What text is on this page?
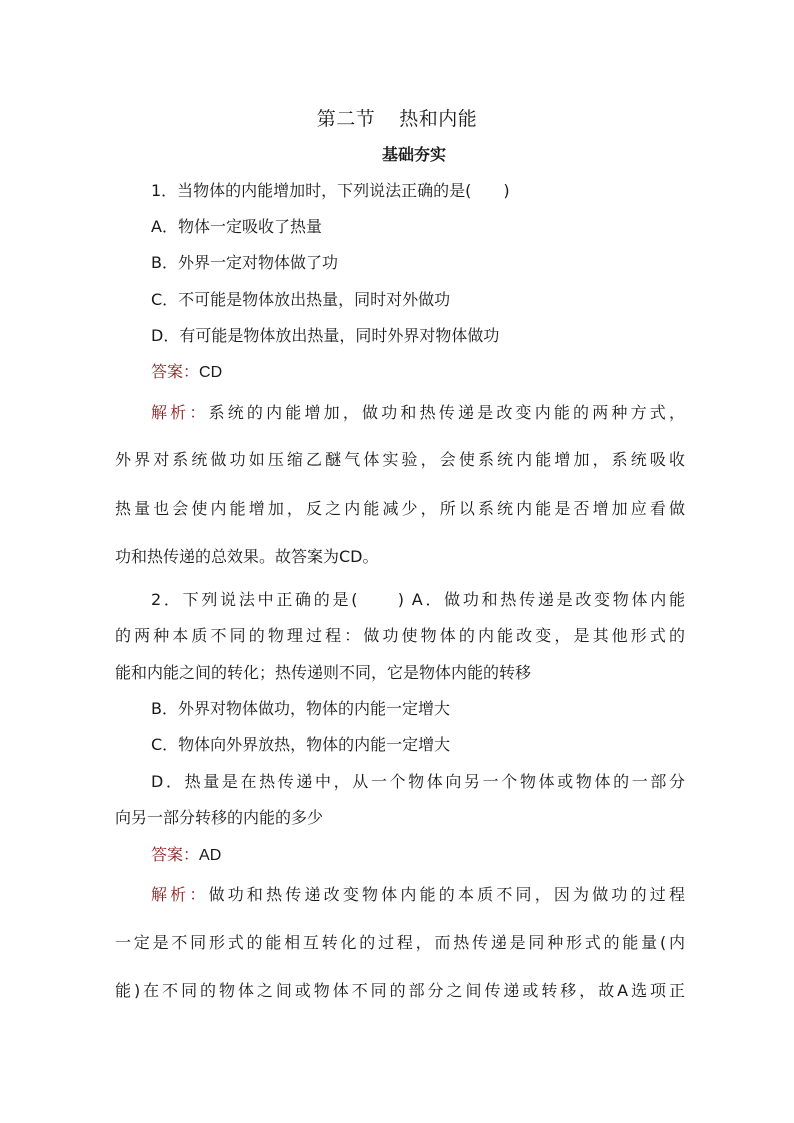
第二节 热和内能
基础夯实
1．当物体的内能增加时，下列说法正确的是(　　)
A．物体一定吸收了热量
B．外界一定对物体做了功
C．不可能是物体放出热量，同时对外做功
D．有可能是物体放出热量，同时外界对物体做功
答案：CD
解析：系统的内能增加，做功和热传递是改变内能的两种方式，
外界对系统做功如压缩乙醚气体实验，会使系统内能增加，系统吸收
热量也会使内能增加，反之内能减少，所以系统内能是否增加应看做
功和热传递的总效果。故答案为CD。
2．下列说法中正确的是(　　) A．做功和热传递是改变物体内能
的两种本质不同的物理过程：做功使物体的内能改变，是其他形式的
能和内能之间的转化；热传递则不同，它是物体内能的转移
B．外界对物体做功，物体的内能一定增大
C．物体向外界放热，物体的内能一定增大
D．热量是在热传递中，从一个物体向另一个物体或物体的一部分
向另一部分转移的内能的多少
答案：AD
解析：做功和热传递改变物体内能的本质不同，因为做功的过程
一定是不同形式的能相互转化的过程，而热传递是同种形式的能量(内
能)在不同的物体之间或物体不同的部分之间传递或转移，故A选项正
